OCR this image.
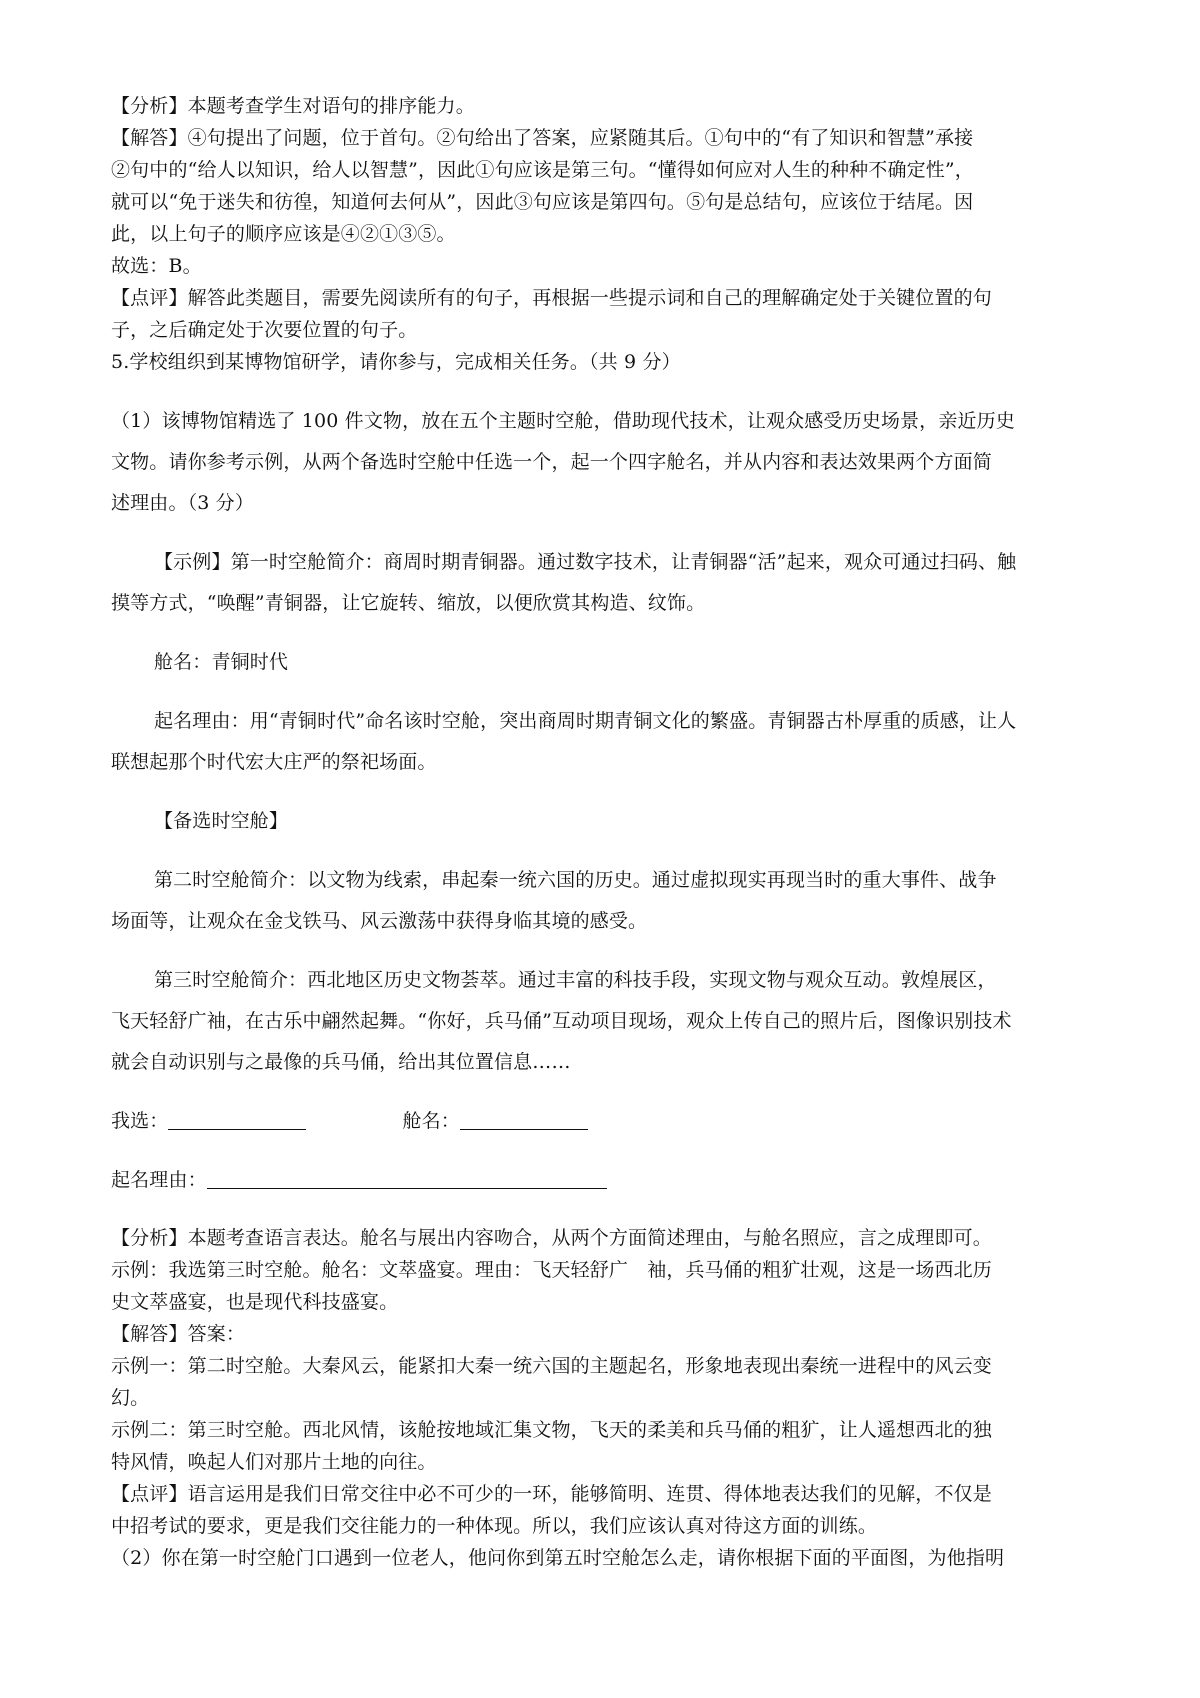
【分析】本题考查学生对语句的排序能力。
【解答】④句提出了问题，位于首句。②句给出了答案，应紧随其后。①句中的“有了知识和智慧”承接
②句中的“给人以知识，给人以智慧”，因此①句应该是第三句。“懂得如何应对人生的种种不确定性”，
就可以“免于迷失和彷徨，知道何去何从”，因此③句应该是第四句。⑤句是总结句，应该位于结尾。因
此，以上句子的顺序应该是④②①③⑤。
故选：B。
【点评】解答此类题目，需要先阅读所有的句子，再根据一些提示词和自己的理解确定处于关键位置的句
子，之后确定处于次要位置的句子。
5.学校组织到某博物馆研学，请你参与，完成相关任务。（共 9 分）
（1）该博物馆精选了 100 件文物，放在五个主题时空舱，借助现代技术，让观众感受历史场景，亲近历史
文物。请你参考示例，从两个备选时空舱中任选一个，起一个四字舱名，并从内容和表达效果两个方面简
述理由。（3 分）
【示例】第一时空舱简介：商周时期青铜器。通过数字技术，让青铜器“活”起来，观众可通过扫码、触
摸等方式，“唤醒”青铜器，让它旋转、缩放，以便欣赏其构造、纹饰。
舱名：青铜时代
起名理由：用“青铜时代”命名该时空舱，突出商周时期青铜文化的繁盛。青铜器古朴厚重的质感，让人
联想起那个时代宏大庄严的祭祀场面。
【备选时空舱】
第二时空舱简介：以文物为线索，串起秦一统六国的历史。通过虚拟现实再现当时的重大事件、战争
场面等，让观众在金戈铁马、风云激荡中获得身临其境的感受。
第三时空舱简介：西北地区历史文物荟萃。通过丰富的科技手段，实现文物与观众互动。敦煌展区，
飞天轻舒广袖，在古乐中翩然起舞。“你好，兵马俑”互动项目现场，观众上传自己的照片后，图像识别技术
就会自动识别与之最像的兵马俑，给出其位置信息……
我选：	舱名：
起名理由：
【分析】本题考查语言表达。舱名与展出内容吻合，从两个方面简述理由，与舱名照应，言之成理即可。
示例：我选第三时空舱。舱名：文萃盛宴。理由：飞天轻舒广　袖，兵马俑的粗犷壮观，这是一场西北历
史文萃盛宴，也是现代科技盛宴。
【解答】答案：
示例一：第二时空舱。大秦风云，能紧扣大秦一统六国的主题起名，形象地表现出秦统一进程中的风云变
幻。
示例二：第三时空舱。西北风情，该舱按地域汇集文物，飞天的柔美和兵马俑的粗犷，让人遥想西北的独
特风情，唤起人们对那片土地的向往。
【点评】语言运用是我们日常交往中必不可少的一环，能够简明、连贯、得体地表达我们的见解，不仅是
中招考试的要求，更是我们交往能力的一种体现。所以，我们应该认真对待这方面的训练。
（2）你在第一时空舱门口遇到一位老人，他问你到第五时空舱怎么走，请你根据下面的平面图，为他指明
